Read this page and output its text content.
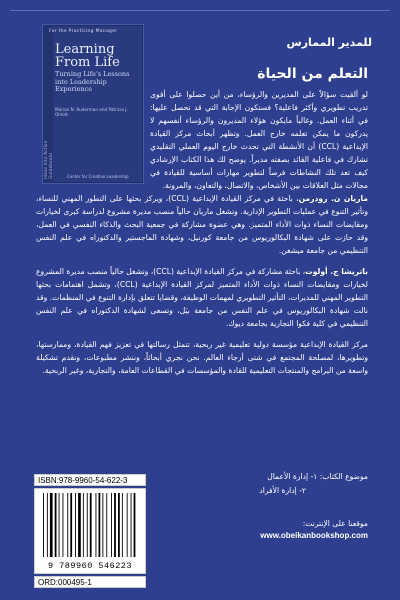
For the Practicing Manager
Learning From Life
Turning Life's Lessons into Leadership Experience
Marian N. Ruderman and Patricia J. Ohlott
Ideas Into Action Guidebooks	Center for Creative Leadership
للمدير الممارس
التعلم من الحياة

لو ألقيت سؤالاً على المديرين والرؤساء، من أين حصلوا على أقوى تدريب تطويري وأكثر فاعلية؟ فستكون الإجابة التي قد تحصل عليها: في أثناء العمل. وغالباً مايكون هؤلاء المديرون والرؤساء أنفسهم لا يدركون ما يمكن تعلمه خارج العمل. وتظهر أبحاث مركز القيادة الإبداعية (CCL) أن الأنشطة التي تحدث خارج اليوم العملي التقليدي تشارك في فاعلية القائد بصفته مديراً. يوضح لك هذا الكتاب الإرشادي كيف تعد تلك النشاطات فرصاً لتطوير مهارات أساسية للقيادة في مجالات مثل العلاقات بين الأشخاص، والاتصال، والتعاون، والمرونة.

ماريان ن. رودرمن، باحثة في مركز القيادة الإبداعية (CCL)، ويركز بحثها على التطور المهني للنساء، وتأثير التنوع في عمليات التطوير الإدارية. وتشغل ماريان حالياً منصب مديرة مشروع لدراسة كبرى لخيارات ومقايضات النساء ذوات الأداء المتميز. وهي عضوة مشاركة في جمعية البحث والذكاء النفسي في العمل، وقد حازت على شهادة البكالوريوس من جامعة كورنيل، وشهادة الماجستير والدكتوراه في علم النفس التنظيمي من جامعة ميشغن.

باتريشا ج. أولوت، باحثة مشاركة في مركز القيادة الإبداعية (CCL)، وتشغل حالياً منصب مديرة المشروع لخيارات ومقايضات النساء ذوات الأداء المتميز لمركز القيادة الإبداعية (CCL)، وتشمل اهتمامات بحثها التطوير المهني للمديرات، التأثير التطويري لمهمات الوظيفة، وقضايا تتعلق بإدارة التنوع في المنظمات. وقد نالت شهادة البكالوريوس في علم النفس من جامعة بيَل، وتسعى لشهادة الدكتوراه في علم النفس التنظيمي في كلية فكوا التجارية بجامعة ديوك.

مركز القيادة الإبداعية مؤسسة دولية تعليمية غير ربحية، تتمثل رسالتها في تعزيز فهم القيادة، وممارستها، وتطويرها، لمصلحة المجتمع في شتى أرجاء العالم. نحن نجري أبحاثاً، وننشر مطبوعات، ونقدم تشكيلة واسعة من البرامج والمنتجات التعليمية للقادة والمؤسسات في القطاعات العامة، والتجارية، وغير الربحية.

موضوع الكتاب: ١- إدارة الأعمال
٢- إدارة الأفراد
موقعنا على الإنترنت:
www.obeikanbookshop.com
ISBN:978-9960-54-622-3
9 789960 546223
ORD:000495-1
